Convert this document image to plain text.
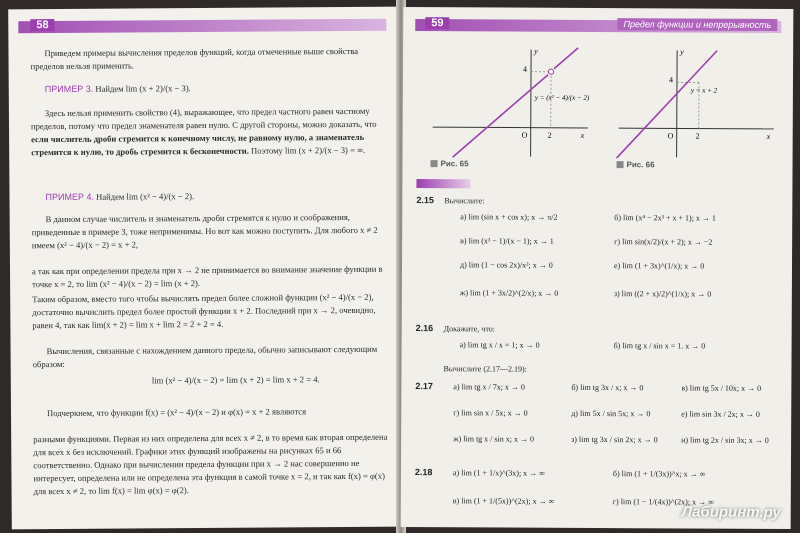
58
Приведем примеры вычисления пределов функций, когда отмеченные выше свойства пределов нельзя применить.
ПРИМЕР 3. Найдем lim (x + 2)/(x − 3).
Здесь нельзя применить свойство (4), выражающее, что предел частного равен частному пределов, потому что предел знаменателя равен нулю. С другой стороны, можно доказать, что если числитель дроби стремится к конечному числу, не равному нулю, а знаменатель стремится к нулю, то дробь стремится к бесконечности. Поэтому lim (x + 2)/(x − 3) = ∞.
ПРИМЕР 4. Найдем lim (x² − 4)/(x − 2).
В данном случае числитель и знаменатель дроби стремятся к нулю и соображения, приведенные в примере 3, тоже неприменимы. Но вот как можно поступить. Для любого x ≠ 2 имеем (x² − 4)/(x − 2) = x + 2,
а так как при определении предела при x → 2 не принимается во внимание значение функции в точке x = 2, то lim (x² − 4)/(x − 2) = lim (x + 2).
Таким образом, вместо того чтобы вычислять предел более сложной функции (x² − 4)/(x − 2), достаточно вычислить предел более простой функции x + 2. Последний при x → 2, очевидно, равен 4, так как lim(x + 2) = lim x + lim 2 = 2 + 2 = 4.
Вычисления, связанные с нахождением данного предела, обычно записывают следующим образом:
lim (x² − 4)/(x − 2) = lim (x + 2) = lim x + 2 = 4.
Подчеркнем, что функции f(x) = (x² − 4)/(x − 2) и φ(x) = x + 2 являются
разными функциями. Первая из них определена для всех x ≠ 2, в то время как вторая определена для всех x без исключений. Графики этих функций изображены на рисунках 65 и 66 соответственно. Однако при вычислении предела функции при x → 2 нас совершенно не интересует, определена или не определена эта функция в самой точке x = 2, и так как f(x) = φ(x) для всех x ≠ 2, то lim f(x) = lim φ(x) = φ(2).
59	Предел функции и непрерывность
4
2
O	x
y
y = (x² − 4)/(x − 2)
Рис. 65
4
2
O	x
y
y = x + 2
Рис. 66
2.15 Вычислите:
а) lim (sin x + cos x); x → π/2	б) lim (x⁴ − 2x³ + x + 1); x → 1
в) lim (x³ − 1)/(x − 1); x → 1	г) lim sin(x/2)/(x + 2); x → −2
д) lim (1 − cos 2x)/x²; x → 0	е) lim (1 + 3x)^(1/x); x → 0
ж) lim (1 + 3x/2)^(2/x); x → 0	з) lim ((2 + x)/2)^(1/x); x → 0
2.16 Докажите, что:
а) lim tg x / x = 1; x → 0	б) lim tg x / sin x = 1. x → 0
Вычислите (2.17—2.19):
2.17	а) lim tg x / 7x; x → 0	б) lim tg 3x / x; x → 0	в) lim tg 5x / 10x; x → 0
г) lim sin x / 5x; x → 0	д) lim 5x / sin 5x; x → 0	е) lim sin 3x / 2x; x → 0
ж) lim tg x / sin x; x → 0	з) lim tg 3x / sin 2x; x → 0	и) lim tg 2x / sin 3x; x → 0
2.18	а) lim (1 + 1/x)^(3x); x → ∞	б) lim (1 + 1/(3x))^x; x → ∞
в) lim (1 + 1/(5x))^(2x); x → ∞	г) lim (1 − 1/(4x))^(2x); x → ∞
Лабиринт.ру
